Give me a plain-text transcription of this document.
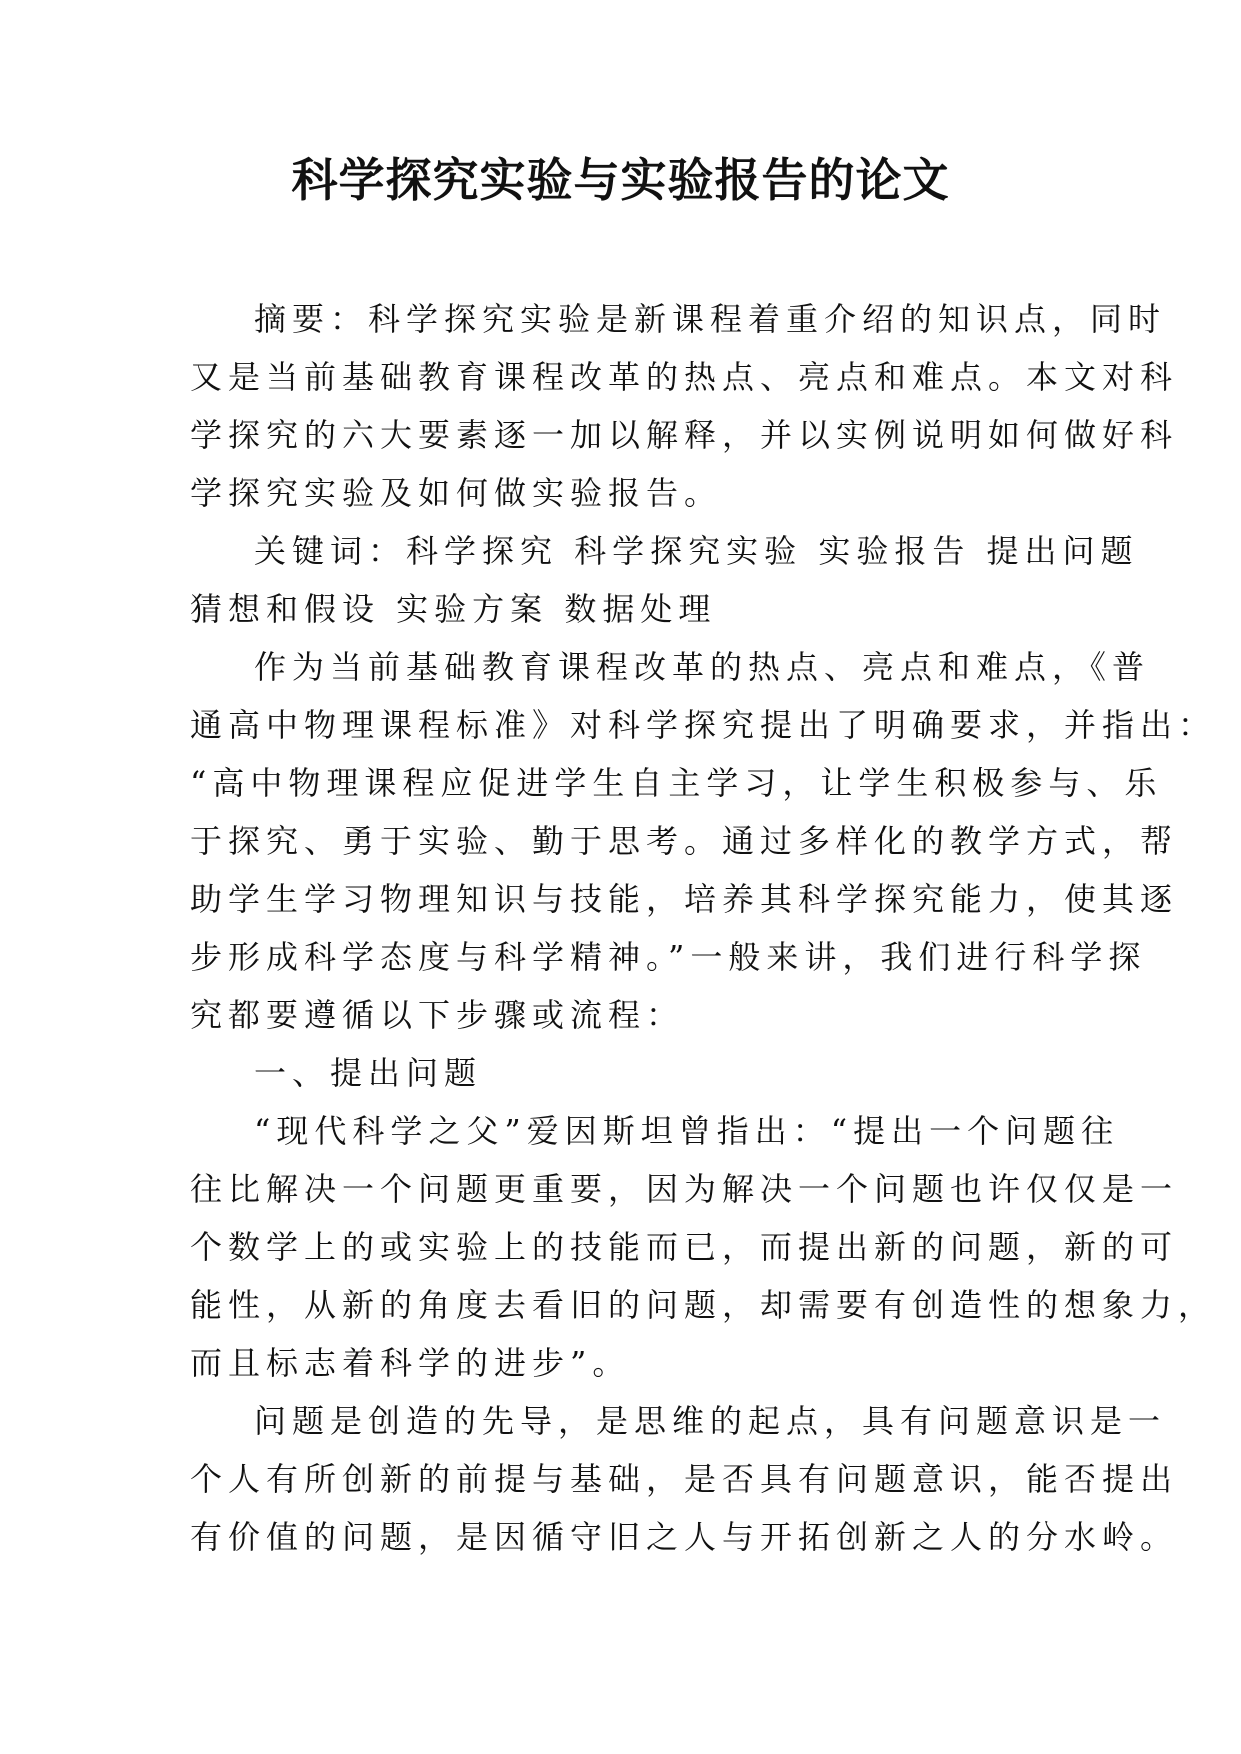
科学探究实验与实验报告的论文

摘要：科学探究实验是新课程着重介绍的知识点，同时
又是当前基础教育课程改革的热点、亮点和难点。本文对科
学探究的六大要素逐一加以解释，并以实例说明如何做好科
学探究实验及如何做实验报告。

关键词：科学探究 科学探究实验 实验报告 提出问题
猜想和假设 实验方案 数据处理

作为当前基础教育课程改革的热点、亮点和难点，《普
通高中物理课程标准》对科学探究提出了明确要求，并指出：
“高中物理课程应促进学生自主学习，让学生积极参与、乐
于探究、勇于实验、勤于思考。通过多样化的教学方式，帮
助学生学习物理知识与技能，培养其科学探究能力，使其逐
步形成科学态度与科学精神。”一般来讲，我们进行科学探
究都要遵循以下步骤或流程：

一、提出问题

“现代科学之父”爱因斯坦曾指出：“提出一个问题往
往比解决一个问题更重要，因为解决一个问题也许仅仅是一
个数学上的或实验上的技能而已，而提出新的问题，新的可
能性，从新的角度去看旧的问题，却需要有创造性的想象力，
而且标志着科学的进步”。

问题是创造的先导，是思维的起点，具有问题意识是一
个人有所创新的前提与基础，是否具有问题意识，能否提出
有价值的问题，是因循守旧之人与开拓创新之人的分水岭。
